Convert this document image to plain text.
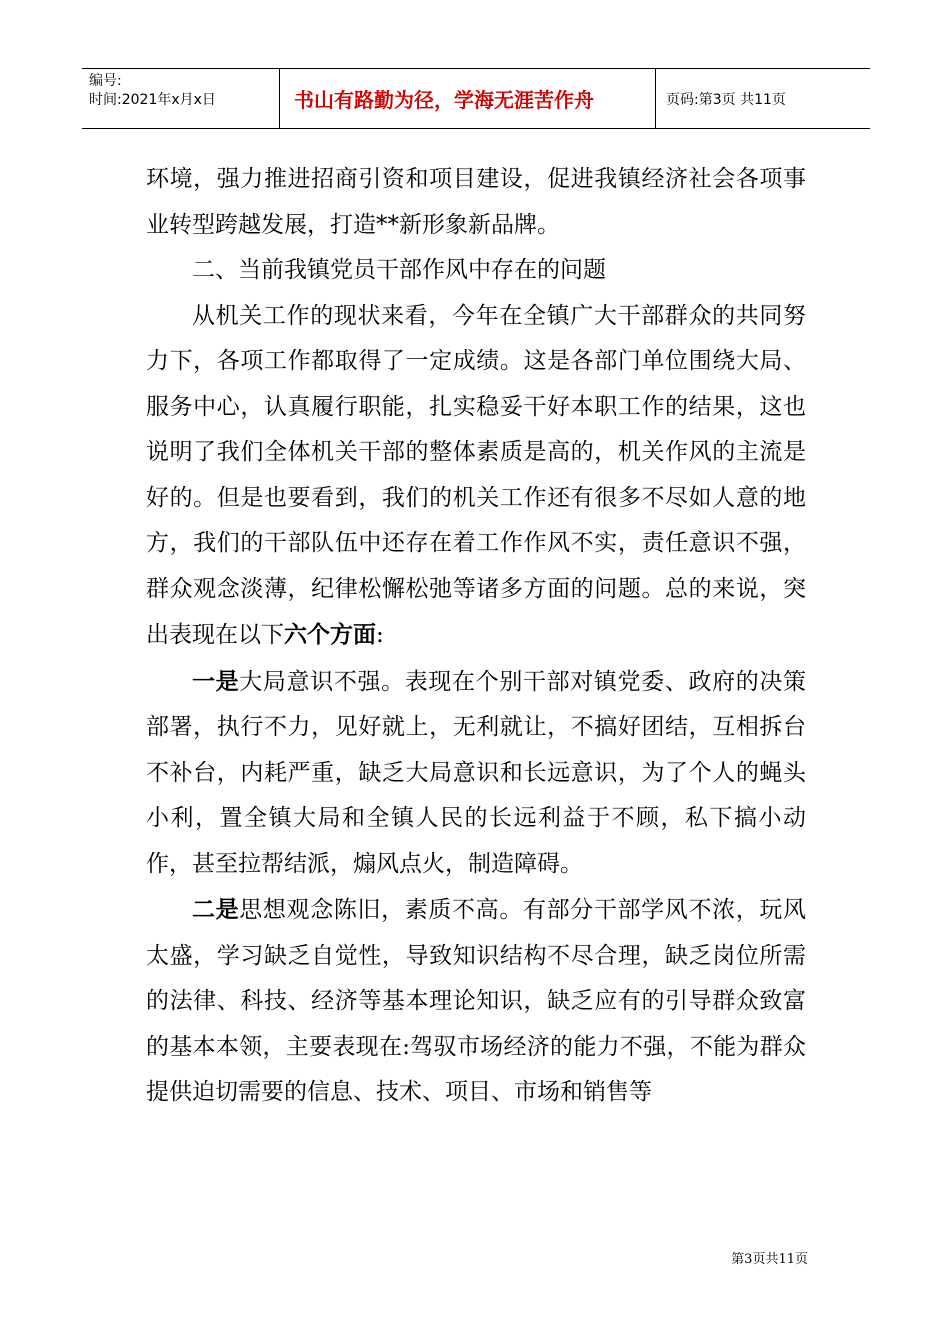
编号:
时间:2021年x月x日	书山有路勤为径，学海无涯苦作舟	页码:第3页 共11页

环境，强力推进招商引资和项目建设，促进我镇经济社会各项事业转型跨越发展，打造**新形象新品牌。

二、当前我镇党员干部作风中存在的问题

从机关工作的现状来看，今年在全镇广大干部群众的共同努力下，各项工作都取得了一定成绩。这是各部门单位围绕大局、服务中心，认真履行职能，扎实稳妥干好本职工作的结果，这也说明了我们全体机关干部的整体素质是高的，机关作风的主流是好的。但是也要看到，我们的机关工作还有很多不尽如人意的地方，我们的干部队伍中还存在着工作作风不实，责任意识不强，群众观念淡薄，纪律松懈松弛等诸多方面的问题。总的来说，突出表现在以下六个方面:

一是大局意识不强。表现在个别干部对镇党委、政府的决策部署，执行不力，见好就上，无利就让，不搞好团结，互相拆台不补台，内耗严重，缺乏大局意识和长远意识，为了个人的蝇头小利，置全镇大局和全镇人民的长远利益于不顾，私下搞小动作，甚至拉帮结派，煽风点火，制造障碍。

二是思想观念陈旧，素质不高。有部分干部学风不浓，玩风太盛，学习缺乏自觉性，导致知识结构不尽合理，缺乏岗位所需的法律、科技、经济等基本理论知识，缺乏应有的引导群众致富的基本本领，主要表现在:驾驭市场经济的能力不强，不能为群众提供迫切需要的信息、技术、项目、市场和销售等

第3页共11页
